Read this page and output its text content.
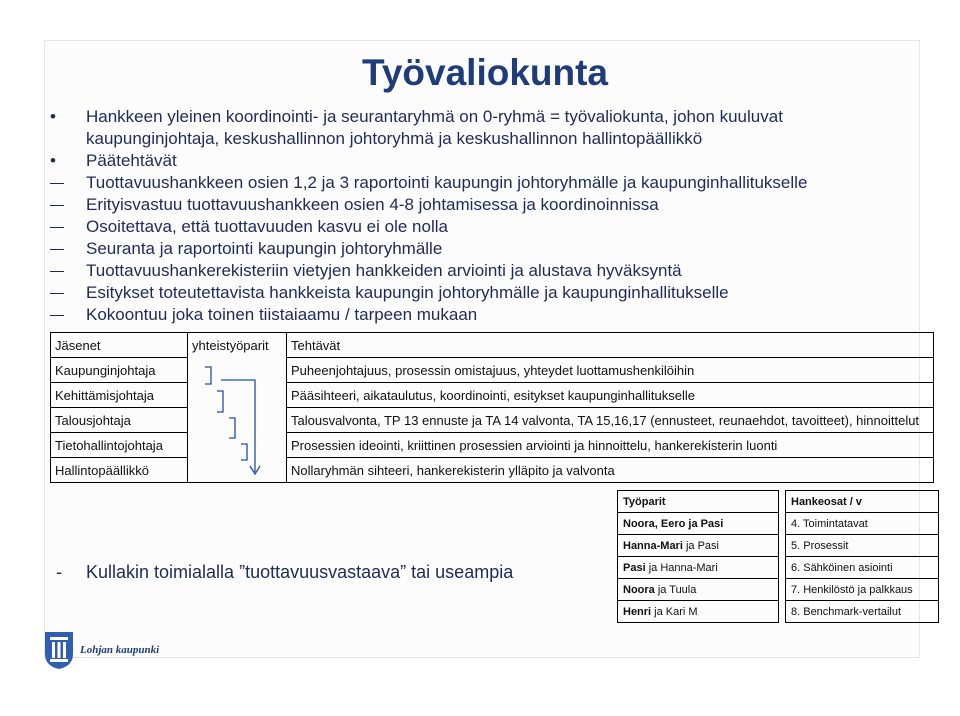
Työvaliokunta
•	Hankkeen yleinen koordinointi- ja seurantaryhmä on 0-ryhmä = työvaliokunta, johon kuuluvat kaupunginjohtaja, keskushallinnon johtoryhmä ja keskushallinnon hallintopäällikkö
•	Päätehtävät
Tuottavuushankkeen osien 1,2 ja 3 raportointi kaupungin johtoryhmälle ja kaupunginhallitukselle
Erityisvastuu tuottavuushankkeen osien 4-8 johtamisessa ja koordinoinnissa
Osoitettava, että tuottavuuden kasvu ei ole nolla
Seuranta ja raportointi kaupungin johtoryhmälle
Tuottavuushankerekisteriin vietyjen hankkeiden arviointi ja alustava hyväksyntä
Esitykset toteutettavista hankkeista kaupungin johtoryhmälle ja kaupunginhallitukselle
Kokoontuu joka toinen tiistaiaamu / tarpeen mukaan
Jäsenet	yhteistyöparit	Tehtävät
Kaupunginjohtaja		Puheenjohtajuus, prosessin omistajuus, yhteydet luottamushenkilöihin
Kehittämisjohtaja		Pääsihteeri, aikataulutus, koordinointi, esitykset kaupunginhallitukselle
Talousjohtaja		Talousvalvonta, TP 13 ennuste ja TA 14 valvonta, TA 15,16,17 (ennusteet, reunaehdot, tavoitteet), hinnoittelut
Tietohallintojohtaja		Prosessien ideointi, kriittinen prosessien arviointi ja hinnoittelu, hankerekisterin luonti
Hallintopäällikkö		Nollaryhmän sihteeri, hankerekisterin ylläpito ja valvonta
- Kullakin toimialalla ”tuottavuusvastaava” tai useampia
Työparit		Hankeosat / v
Noora, Eero ja Pasi		4. Toimintatavat
Hanna-Mari ja Pasi		5. Prosessit
Pasi ja Hanna-Mari		6. Sähköinen asiointi
Noora ja Tuula		7. Henkilöstö ja palkkaus
Henri ja Kari M		8. Benchmark-vertailut
Lohjan kaupunki
